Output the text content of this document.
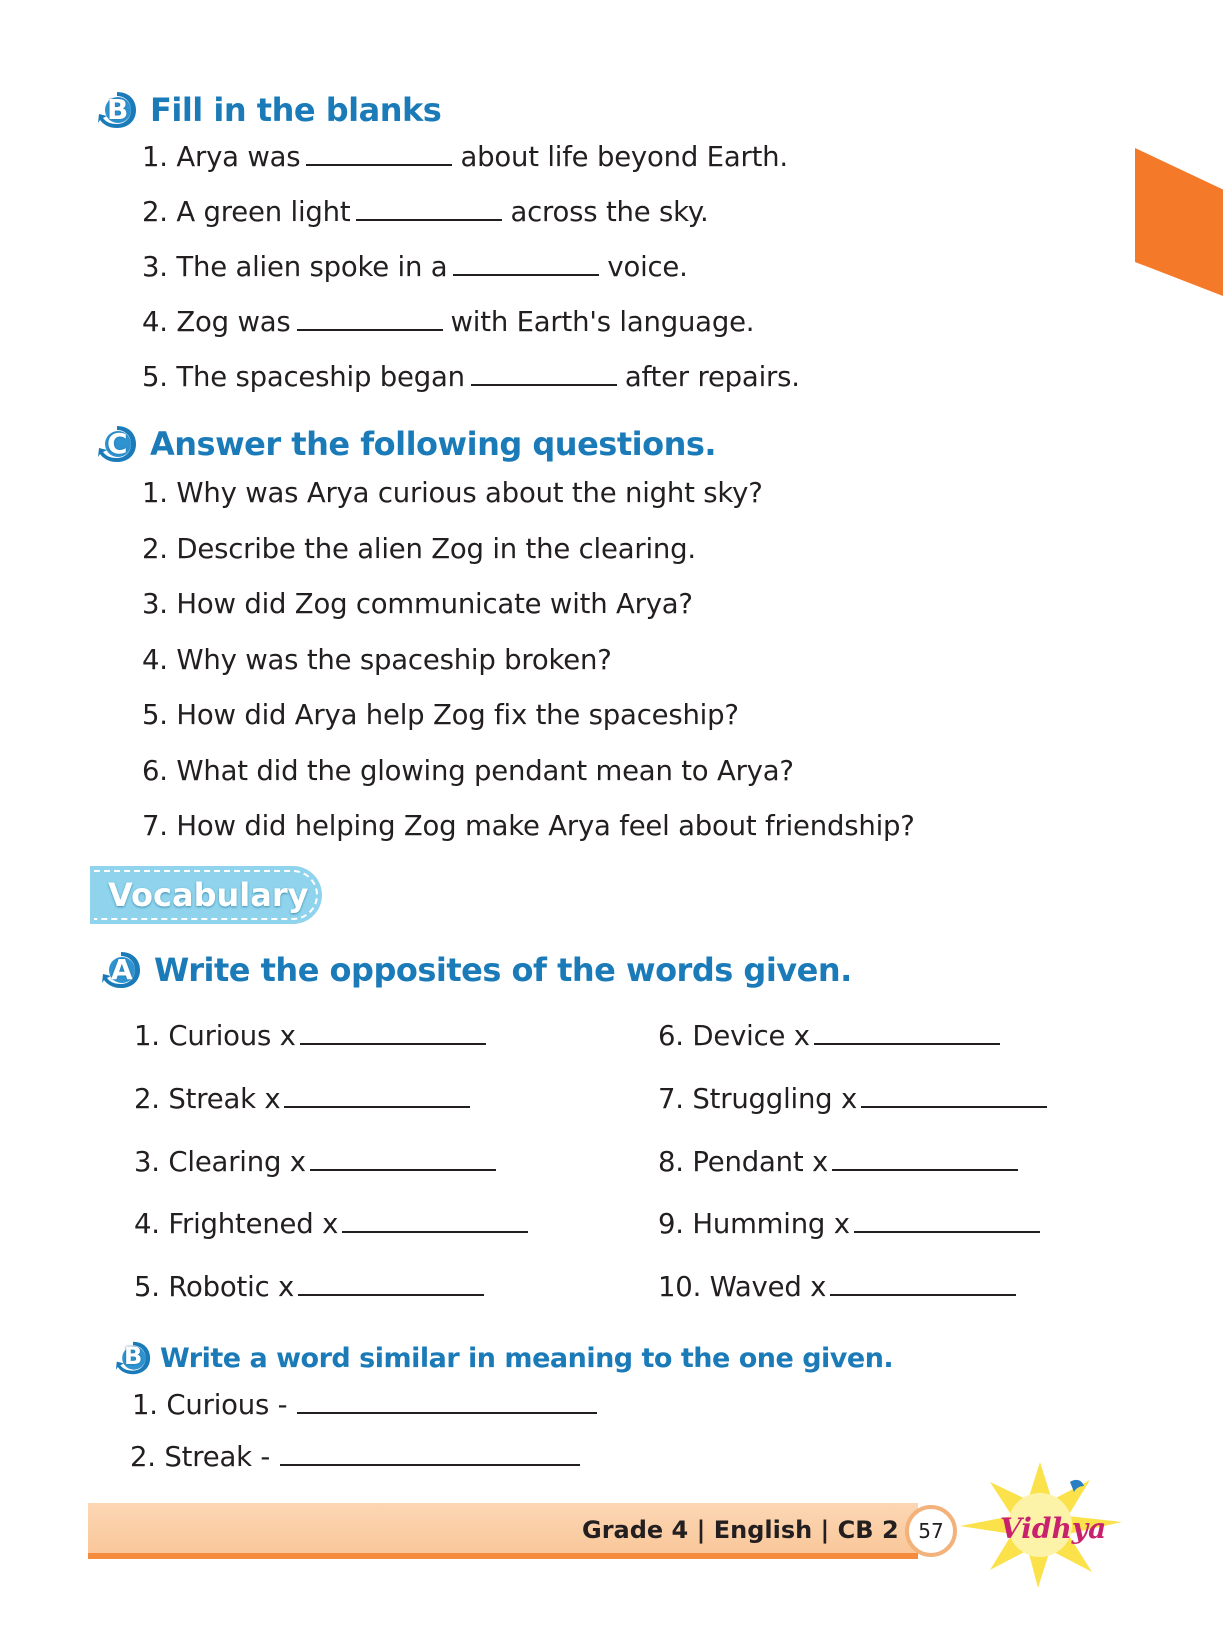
B Fill in the blanks
1. Arya was	about life beyond Earth.
2. A green light	across the sky.
3. The alien spoke in a	voice.
4. Zog was	with Earth's language.
5. The spaceship began	after repairs.
C Answer the following questions.
1. Why was Arya curious about the night sky?
2. Describe the alien Zog in the clearing.
3. How did Zog communicate with Arya?
4. Why was the spaceship broken?
5. How did Arya help Zog fix the spaceship?
6. What did the glowing pendant mean to Arya?
7. How did helping Zog make Arya feel about friendship?
Vocabulary
A Write the opposites of the words given.
1. Curious x
2. Streak x
3. Clearing x
4. Frightened x
5. Robotic x
6. Device x
7. Struggling x
8. Pendant x
9. Humming x
10. Waved x
B Write a word similar in meaning to the one given.
1. Curious -
2. Streak -
Grade 4 | English | CB 2 57	Vidhya
